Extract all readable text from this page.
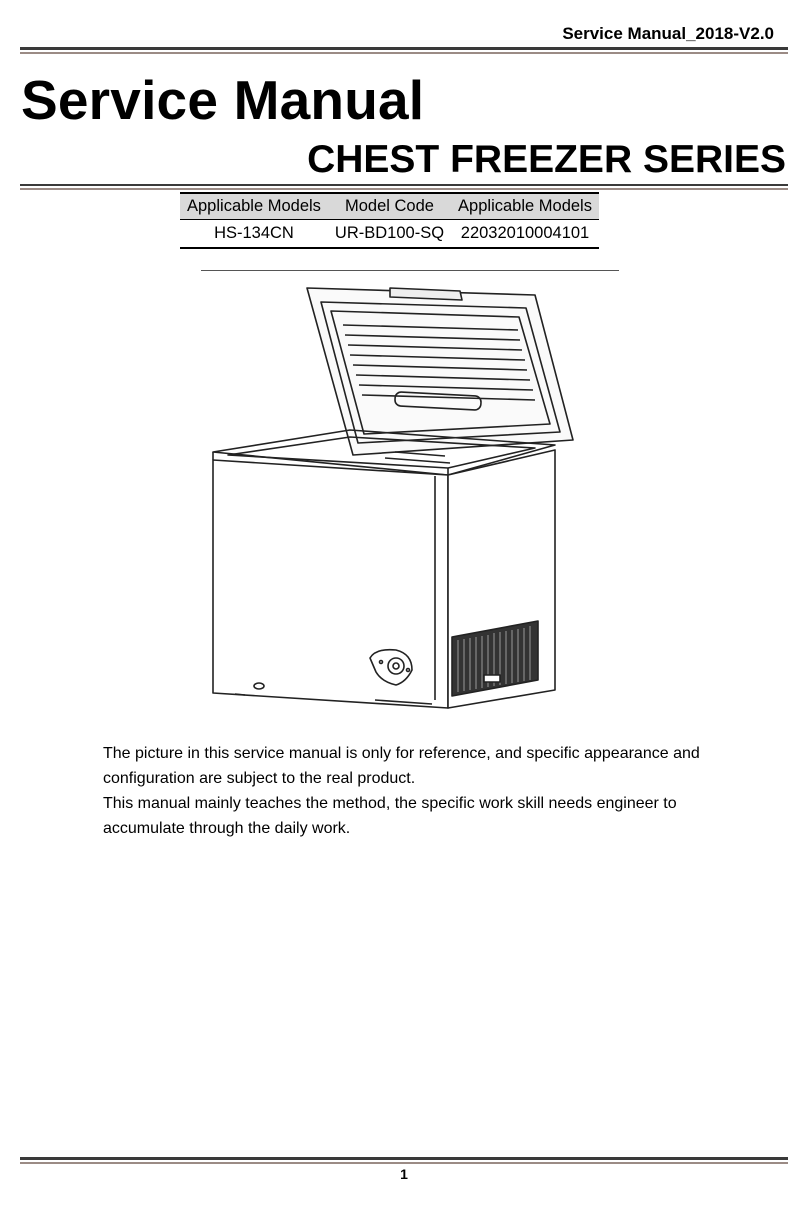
Service Manual_2018-V2.0
Service Manual
CHEST FREEZER SERIES
Applicable Models	Model Code	Applicable Models
HS-134CN	UR-BD100-SQ	22032010004101

The picture in this service manual is only for reference, and specific appearance and configuration are subject to the real product.

This manual mainly teaches the method, the specific work skill needs engineer to accumulate through the daily work.

1
